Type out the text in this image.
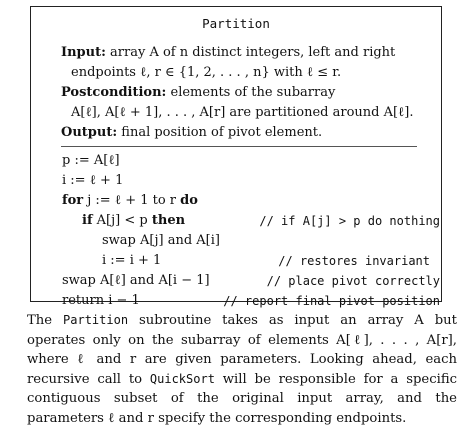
Partition
Input: array A of n distinct integers, left and right
endpoints ℓ, r ∈ {1, 2, . . . , n} with ℓ ≤ r.
Postcondition: elements of the subarray
A[ℓ], A[ℓ + 1], . . . , A[r] are partitioned around A[ℓ].
Output: final position of pivot element.
p := A[ℓ]
i := ℓ + 1
for j := ℓ + 1 to r do
if A[j] < p then	// if A[j] > p do nothing
swap A[j] and A[i]
i := i + 1	// restores invariant
swap A[ℓ] and A[i − 1]	// place pivot correctly
return i − 1	// report final pivot position
The Partition subroutine takes as input an array A but operates only on the subarray of elements A[ℓ], . . . , A[r], where ℓ and r are given parameters. Looking ahead, each recursive call to QuickSort will be responsible for a specific contiguous subset of the original input array, and the parameters ℓ and r specify the corresponding endpoints.
